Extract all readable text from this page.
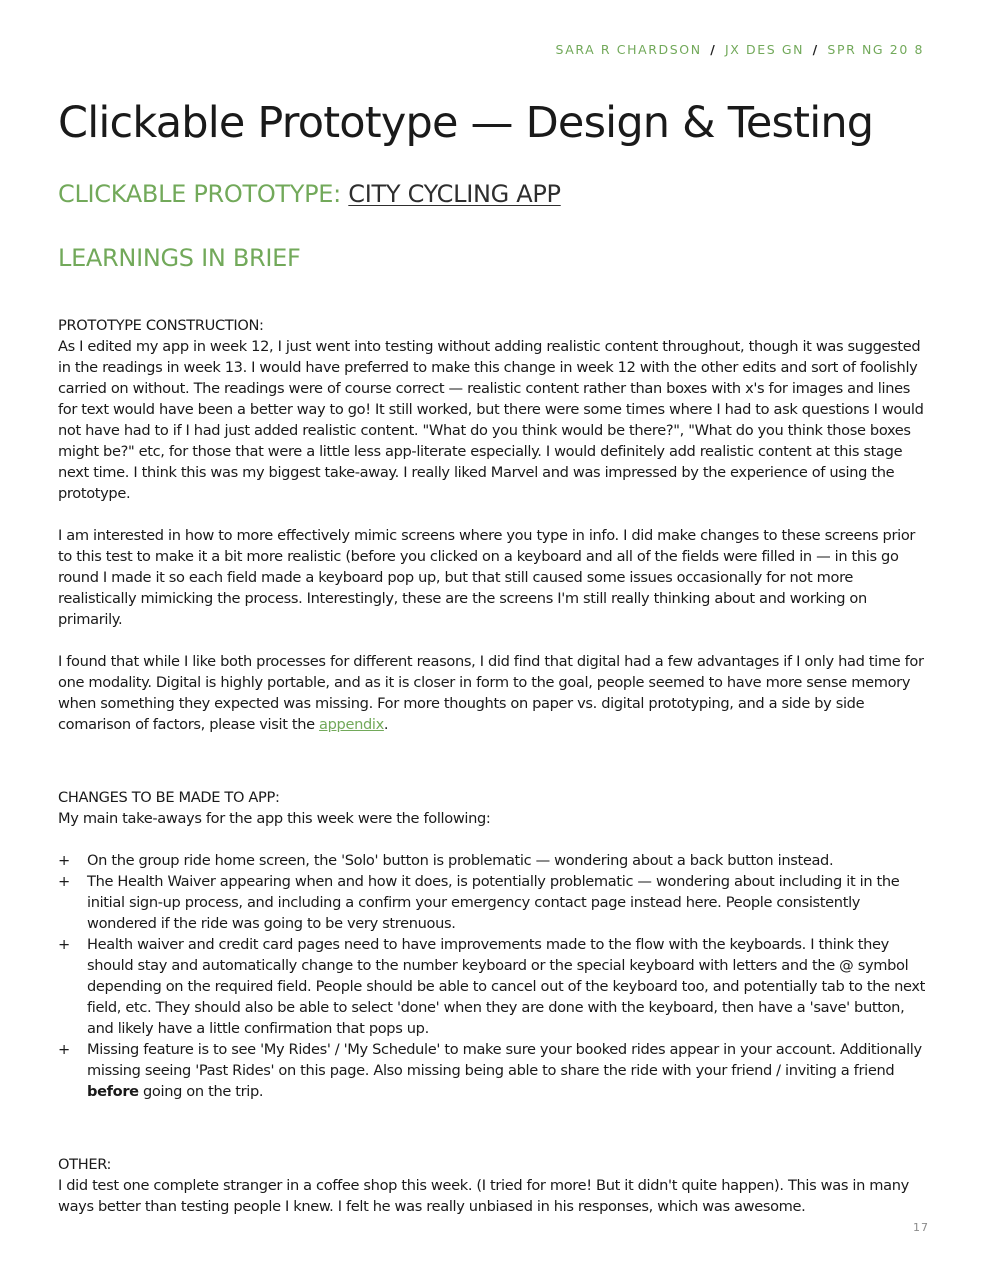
SARA R CHARDSON / JX DES GN / SPR NG 20 8
Clickable Prototype — Design & Testing
CLICKABLE PROTOTYPE: CITY CYCLING APP
LEARNINGS IN BRIEF

PROTOTYPE CONSTRUCTION:

As I edited my app in week 12, I just went into testing without adding realistic content throughout, though it was suggested in the readings in week 13. I would have preferred to make this change in week 12 with the other edits and sort of foolishly carried on without. The readings were of course correct — realistic content rather than boxes with x's for images and lines for text would have been a better way to go! It still worked, but there were some times where I had to ask questions I would not have had to if I had just added realistic content. "What do you think would be there?", "What do you think those boxes might be?" etc, for those that were a little less app-literate especially. I would definitely add realistic content at this stage next time. I think this was my biggest take-away. I really liked Marvel and was impressed by the experience of using the prototype.

I am interested in how to more effectively mimic screens where you type in info. I did make changes to these screens prior to this test to make it a bit more realistic (before you clicked on a keyboard and all of the fields were filled in — in this go round I made it so each field made a keyboard pop up, but that still caused some issues occasionally for not more realistically mimicking the process. Interestingly, these are the screens I'm still really thinking about and working on primarily.

I found that while I like both processes for different reasons, I did find that digital had a few advantages if I only had time for one modality. Digital is highly portable, and as it is closer in form to the goal, people seemed to have more sense memory when something they expected was missing. For more thoughts on paper vs. digital prototyping, and a side by side comarison of factors, please visit the appendix.

CHANGES TO BE MADE TO APP:

My main take-aways for the app this week were the following:

+ On the group ride home screen, the 'Solo' button is problematic — wondering about a back button instead.
+ The Health Waiver appearing when and how it does, is potentially problematic — wondering about including it in the initial sign-up process, and including a confirm your emergency contact page instead here. People consistently wondered if the ride was going to be very strenuous.
+ Health waiver and credit card pages need to have improvements made to the flow with the keyboards. I think they should stay and automatically change to the number keyboard or the special keyboard with letters and the @ symbol depending on the required field. People should be able to cancel out of the keyboard too, and potentially tab to the next field, etc. They should also be able to select 'done' when they are done with the keyboard, then have a 'save' button, and likely have a little confirmation that pops up.
+ Missing feature is to see 'My Rides' / 'My Schedule' to make sure your booked rides appear in your account. Additionally missing seeing 'Past Rides' on this page. Also missing being able to share the ride with your friend / inviting a friend before going on the trip.

OTHER:

I did test one complete stranger in a coffee shop this week. (I tried for more! But it didn't quite happen). This was in many ways better than testing people I knew. I felt he was really unbiased in his responses, which was awesome.

17
